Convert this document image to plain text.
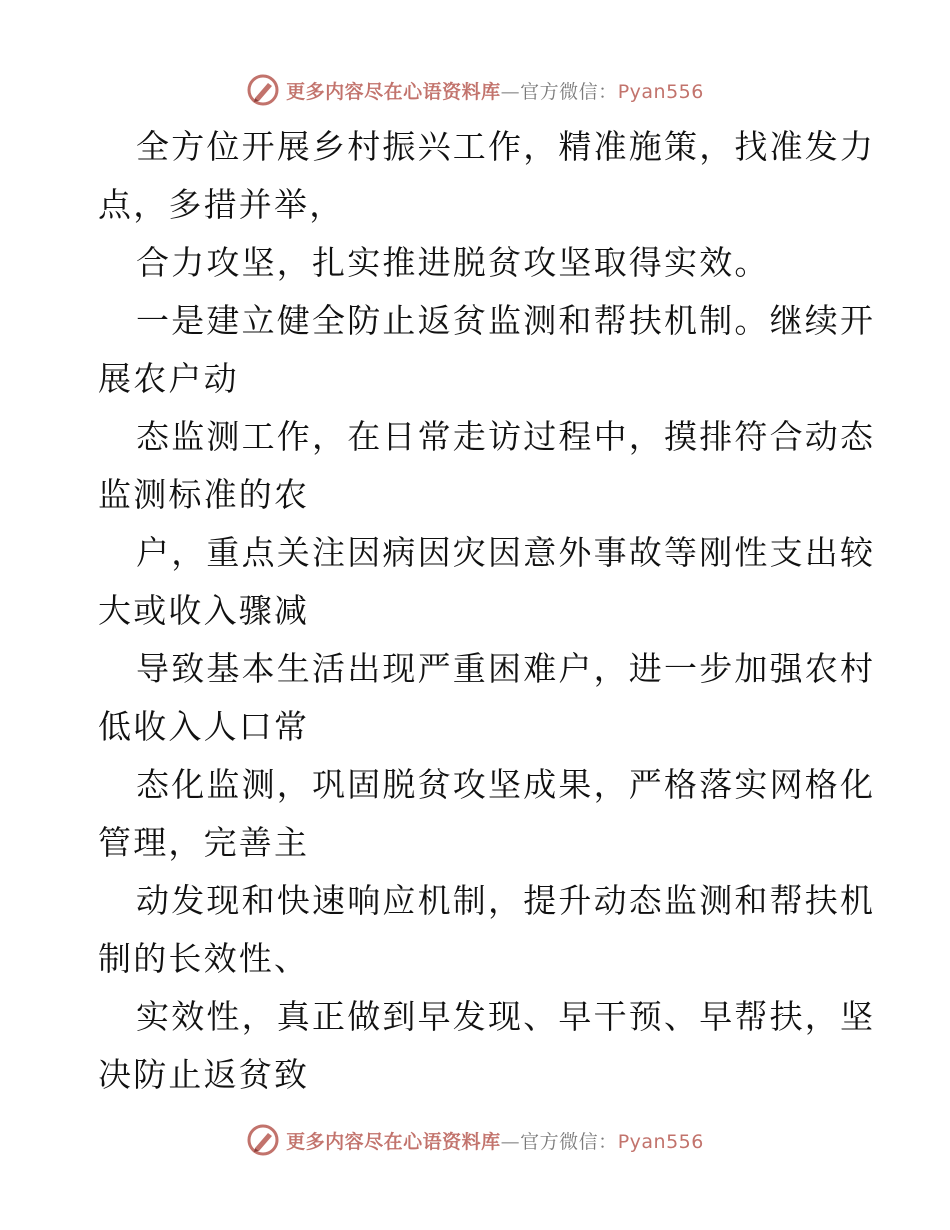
更多内容尽在心语资料库—官方微信：Pyan556
全方位开展乡村振兴工作，精准施策，找准发力
点，多措并举，
合力攻坚，扎实推进脱贫攻坚取得实效。
一是建立健全防止返贫监测和帮扶机制。继续开
展农户动
态监测工作，在日常走访过程中，摸排符合动态
监测标准的农
户，重点关注因病因灾因意外事故等刚性支出较
大或收入骤减
导致基本生活出现严重困难户，进一步加强农村
低收入人口常
态化监测，巩固脱贫攻坚成果，严格落实网格化
管理，完善主
动发现和快速响应机制，提升动态监测和帮扶机
制的长效性、
实效性，真正做到早发现、早干预、早帮扶，坚
决防止返贫致
更多内容尽在心语资料库—官方微信：Pyan556
